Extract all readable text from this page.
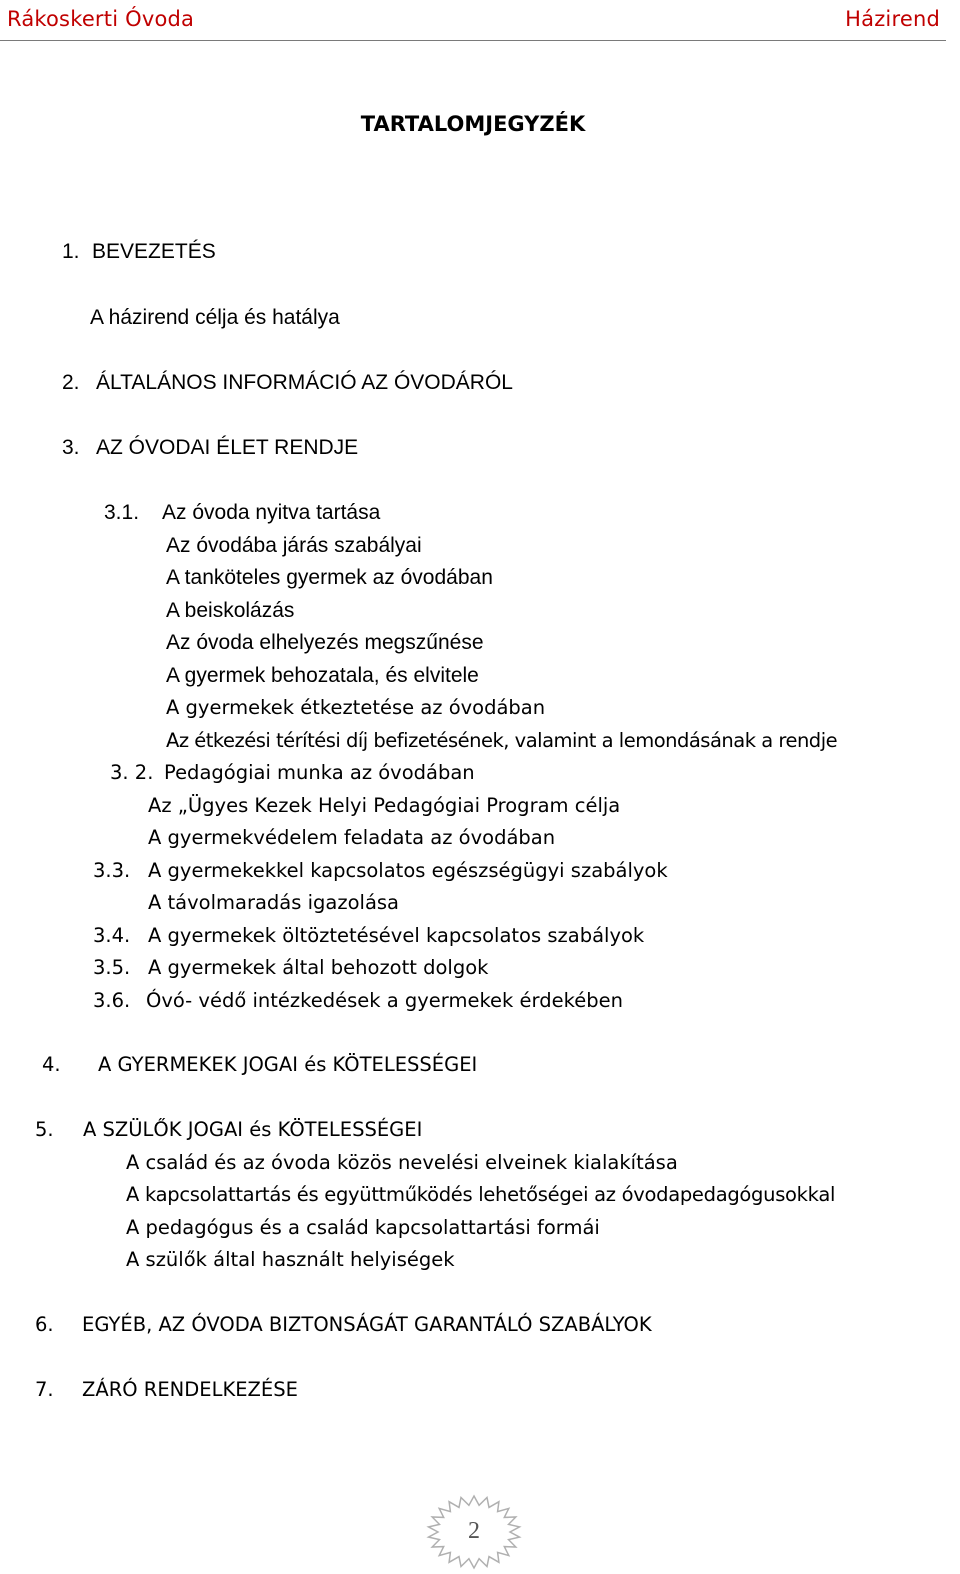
Rákoskerti Óvoda	Házirend
TARTALOMJEGYZÉK
1. BEVEZETÉS
A házirend célja és hatálya
2. ÁLTALÁNOS INFORMÁCIÓ AZ ÓVODÁRÓL
3. AZ ÓVODAI ÉLET RENDJE
3.1. Az óvoda nyitva tartása
Az óvodába járás szabályai
A tanköteles gyermek az óvodában
A beiskolázás
Az óvoda elhelyezés megszűnése
A gyermek behozatala, és elvitele
A gyermekek étkeztetése az óvodában
Az étkezési térítési díj befizetésének, valamint a lemondásának a rendje
3. 2. Pedagógiai munka az óvodában
Az „Ügyes Kezek Helyi Pedagógiai Program célja
A gyermekvédelem feladata az óvodában
3.3. A gyermekekkel kapcsolatos egészségügyi szabályok
A távolmaradás igazolása
3.4. A gyermekek öltöztetésével kapcsolatos szabályok
3.5. A gyermekek által behozott dolgok
3.6. Óvó- védő intézkedések a gyermekek érdekében
4. A GYERMEKEK JOGAI és KÖTELESSÉGEI
5. A SZÜLŐK JOGAI és KÖTELESSÉGEI
A család és az óvoda közös nevelési elveinek kialakítása
A kapcsolattartás és együttműködés lehetőségei az óvodapedagógusokkal
A pedagógus és a család kapcsolattartási formái
A szülők által használt helyiségek
6. EGYÉB, AZ ÓVODA BIZTONSÁGÁT GARANTÁLÓ SZABÁLYOK
7. ZÁRÓ RENDELKEZÉSE
2
